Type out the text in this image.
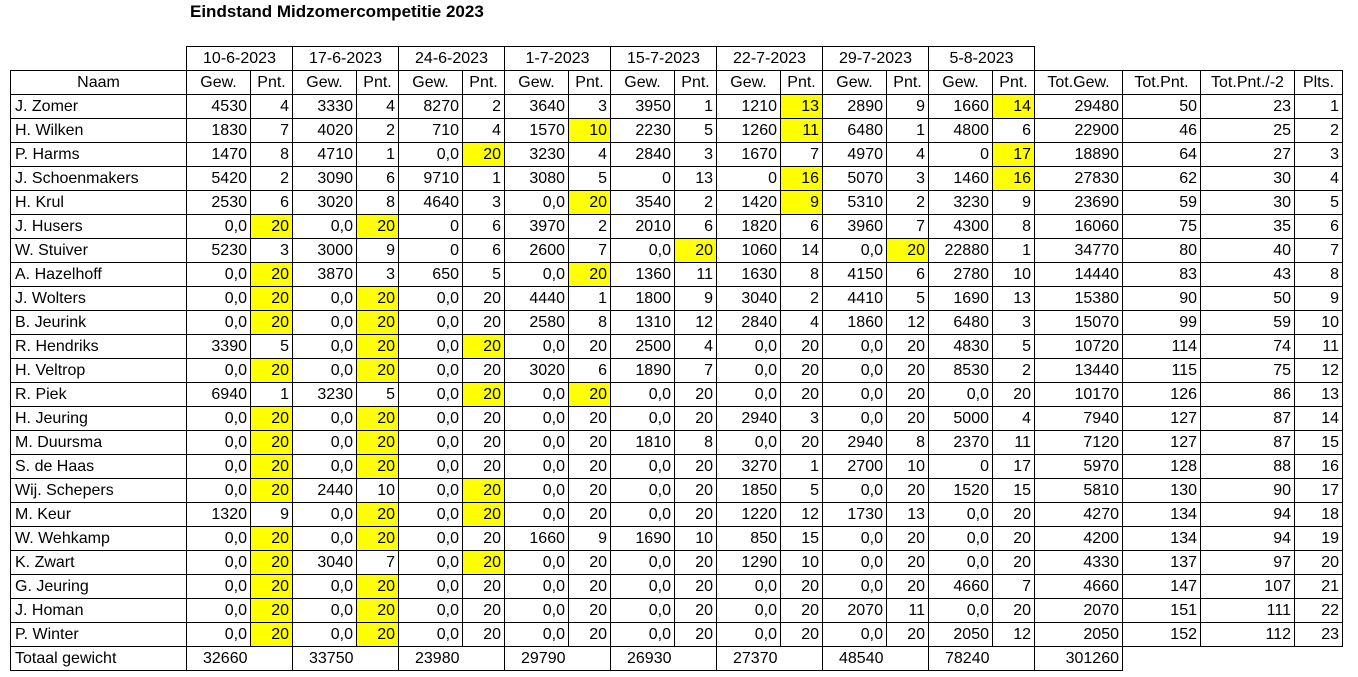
Eindstand Midzomercompetitie 2023
	10-6-2023		17-6-2023		24-6-2023		1-7-2023		15-7-2023		22-7-2023		29-7-2023		5-8-2023					
Naam	Gew.	Pnt.	Gew.	Pnt.	Gew.	Pnt.	Gew.	Pnt.	Gew.	Pnt.	Gew.	Pnt.	Gew.	Pnt.	Gew.	Pnt.	Tot.Gew.	Tot.Pnt.	Tot.Pnt./-2	Plts.
J. Zomer	4530	4	3330	4	8270	2	3640	3	3950	1	1210	13	2890	9	1660	14	29480	50	23	1
H. Wilken	1830	7	4020	2	710	4	1570	10	2230	5	1260	11	6480	1	4800	6	22900	46	25	2
P. Harms	1470	8	4710	1	0,0	20	3230	4	2840	3	1670	7	4970	4	0	17	18890	64	27	3
J. Schoenmakers	5420	2	3090	6	9710	1	3080	5	0	13	0	16	5070	3	1460	16	27830	62	30	4
H. Krul	2530	6	3020	8	4640	3	0,0	20	3540	2	1420	9	5310	2	3230	9	23690	59	30	5
J. Husers	0,0	20	0,0	20	0	6	3970	2	2010	6	1820	6	3960	7	4300	8	16060	75	35	6
W. Stuiver	5230	3	3000	9	0	6	2600	7	0,0	20	1060	14	0,0	20	22880	1	34770	80	40	7
A. Hazelhoff	0,0	20	3870	3	650	5	0,0	20	1360	11	1630	8	4150	6	2780	10	14440	83	43	8
J. Wolters	0,0	20	0,0	20	0,0	20	4440	1	1800	9	3040	2	4410	5	1690	13	15380	90	50	9
B. Jeurink	0,0	20	0,0	20	0,0	20	2580	8	1310	12	2840	4	1860	12	6480	3	15070	99	59	10
R. Hendriks	3390	5	0,0	20	0,0	20	0,0	20	2500	4	0,0	20	0,0	20	4830	5	10720	114	74	11
H. Veltrop	0,0	20	0,0	20	0,0	20	3020	6	1890	7	0,0	20	0,0	20	8530	2	13440	115	75	12
R. Piek	6940	1	3230	5	0,0	20	0,0	20	0,0	20	0,0	20	0,0	20	0,0	20	10170	126	86	13
H. Jeuring	0,0	20	0,0	20	0,0	20	0,0	20	0,0	20	2940	3	0,0	20	5000	4	7940	127	87	14
M. Duursma	0,0	20	0,0	20	0,0	20	0,0	20	1810	8	0,0	20	2940	8	2370	11	7120	127	87	15
S. de Haas	0,0	20	0,0	20	0,0	20	0,0	20	0,0	20	3270	1	2700	10	0	17	5970	128	88	16
Wij. Schepers	0,0	20	2440	10	0,0	20	0,0	20	0,0	20	1850	5	0,0	20	1520	15	5810	130	90	17
M. Keur	1320	9	0,0	20	0,0	20	0,0	20	0,0	20	1220	12	1730	13	0,0	20	4270	134	94	18
W. Wehkamp	0,0	20	0,0	20	0,0	20	1660	9	1690	10	850	15	0,0	20	0,0	20	4200	134	94	19
K. Zwart	0,0	20	3040	7	0,0	20	0,0	20	0,0	20	1290	10	0,0	20	0,0	20	4330	137	97	20
G. Jeuring	0,0	20	0,0	20	0,0	20	0,0	20	0,0	20	0,0	20	0,0	20	4660	7	4660	147	107	21
J. Homan	0,0	20	0,0	20	0,0	20	0,0	20	0,0	20	0,0	20	2070	11	0,0	20	2070	151	111	22
P. Winter	0,0	20	0,0	20	0,0	20	0,0	20	0,0	20	0,0	20	0,0	20	2050	12	2050	152	112	23
Totaal gewicht	32660		33750		23980		29790		26930		27370		48540		78240		301260			
